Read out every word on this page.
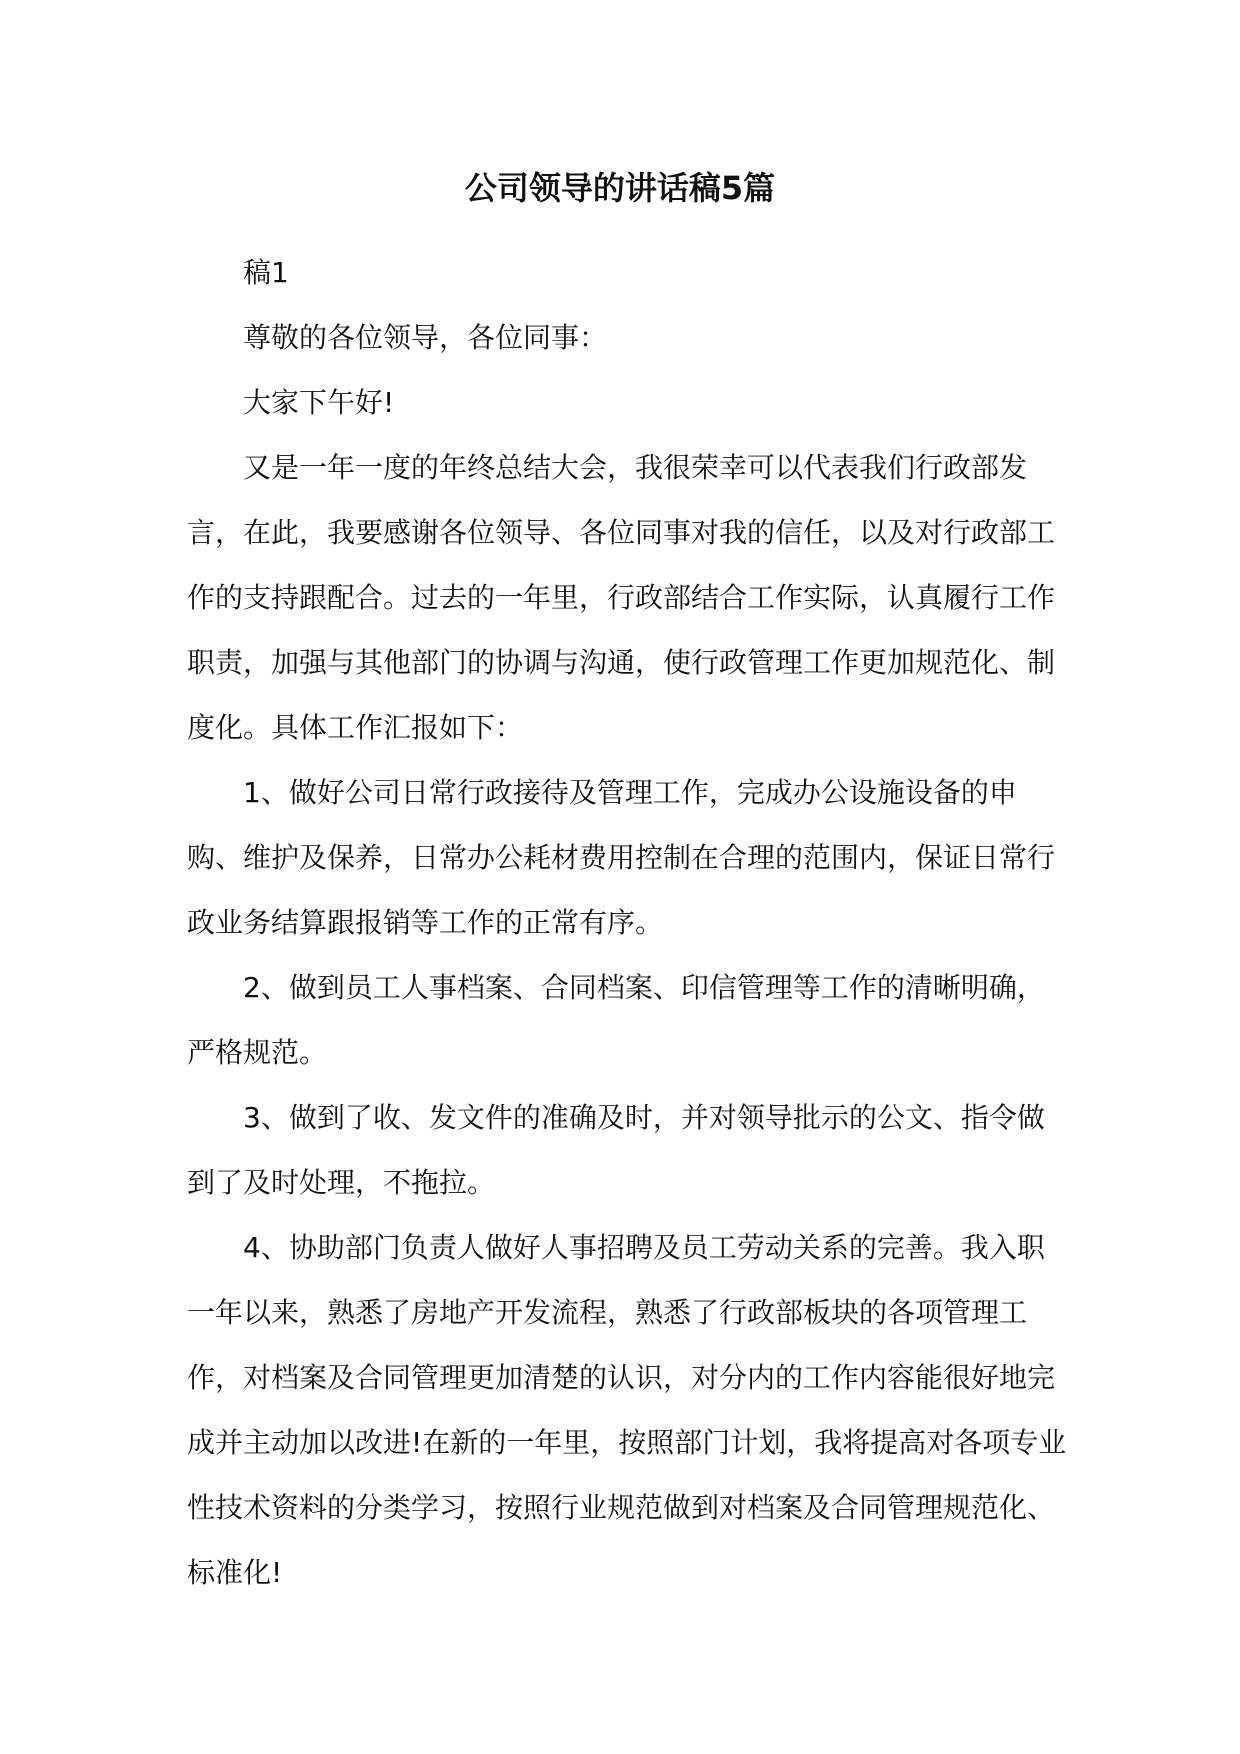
公司领导的讲话稿5篇

稿1

尊敬的各位领导，各位同事：

大家下午好!

又是一年一度的年终总结大会，我很荣幸可以代表我们行政部发言，在此，我要感谢各位领导、各位同事对我的信任，以及对行政部工作的支持跟配合。过去的一年里，行政部结合工作实际，认真履行工作职责，加强与其他部门的协调与沟通，使行政管理工作更加规范化、制度化。具体工作汇报如下：

1、做好公司日常行政接待及管理工作，完成办公设施设备的申购、维护及保养，日常办公耗材费用控制在合理的范围内，保证日常行政业务结算跟报销等工作的正常有序。

2、做到员工人事档案、合同档案、印信管理等工作的清晰明确，严格规范。

3、做到了收、发文件的准确及时，并对领导批示的公文、指令做到了及时处理，不拖拉。

4、协助部门负责人做好人事招聘及员工劳动关系的完善。我入职一年以来，熟悉了房地产开发流程，熟悉了行政部板块的各项管理工作，对档案及合同管理更加清楚的认识，对分内的工作内容能很好地完成并主动加以改进!在新的一年里，按照部门计划，我将提高对各项专业性技术资料的分类学习，按照行业规范做到对档案及合同管理规范化、标准化!
